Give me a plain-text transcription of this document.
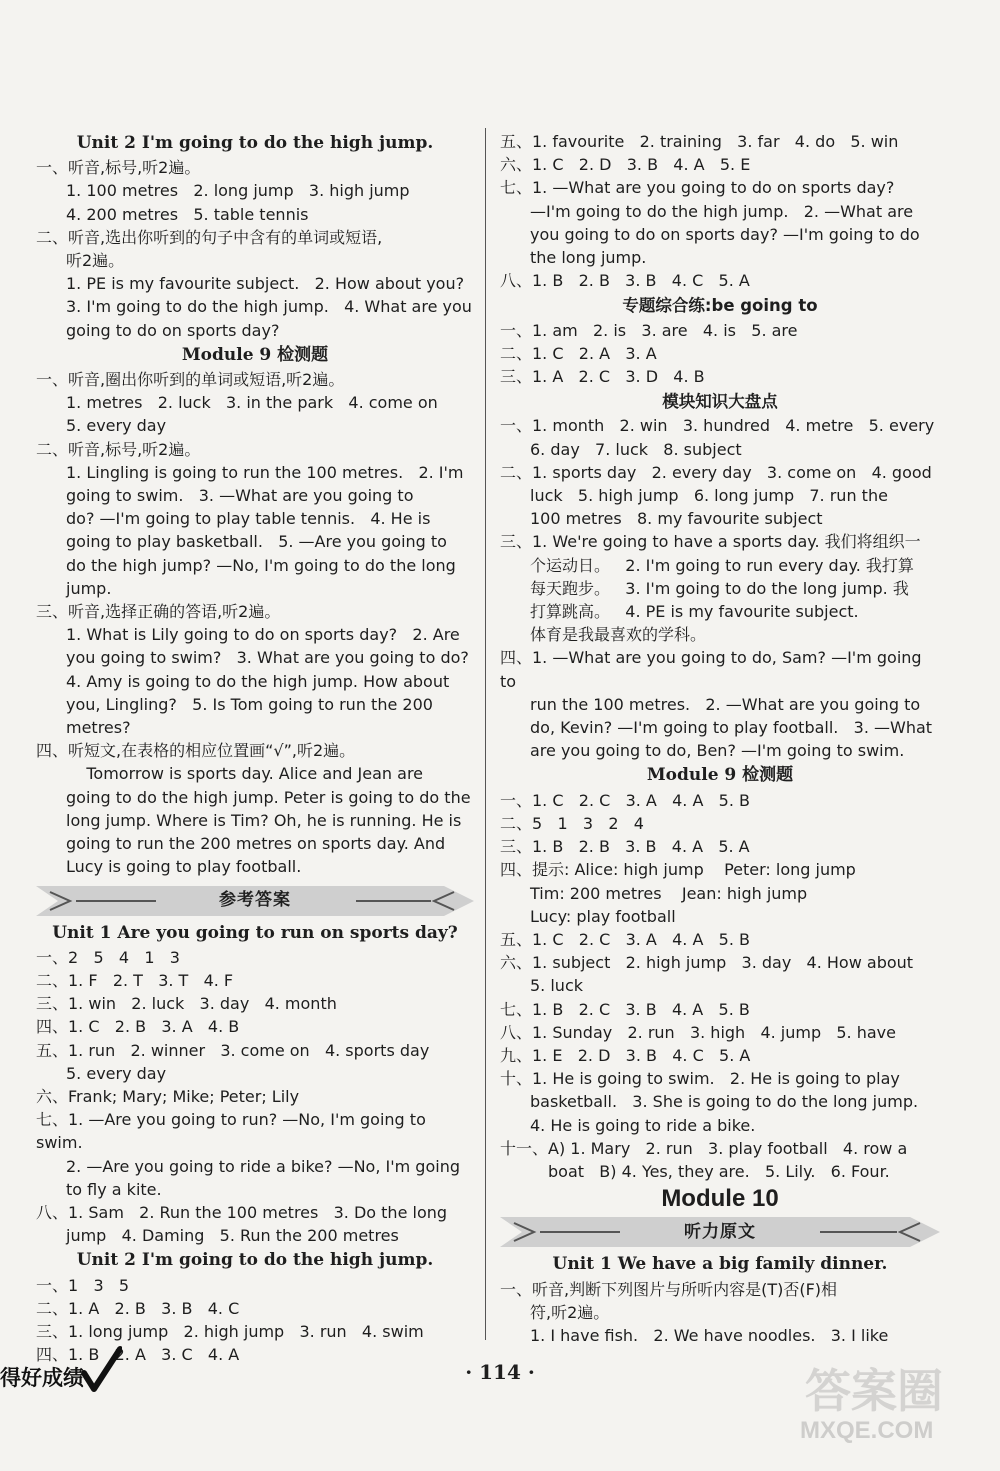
Unit 2 I'm going to do the high jump.
一、听音,标号,听2遍。
1. 100 metres   2. long jump   3. high jump
4. 200 metres   5. table tennis
二、听音,选出你听到的句子中含有的单词或短语,
听2遍。
1. PE is my favourite subject.   2. How about you?
3. I'm going to do the high jump.   4. What are you
going to do on sports day?
Module 9 检测题
一、听音,圈出你听到的单词或短语,听2遍。
1. metres   2. luck   3. in the park   4. come on
5. every day
二、听音,标号,听2遍。
1. Lingling is going to run the 100 metres.   2. I'm
going to swim.   3. —What are you going to
do? —I'm going to play table tennis.   4. He is
going to play basketball.   5. —Are you going to
do the high jump? —No, I'm going to do the long
jump.
三、听音,选择正确的答语,听2遍。
1. What is Lily going to do on sports day?   2. Are
you going to swim?   3. What are you going to do?
4. Amy is going to do the high jump. How about
you, Lingling?   5. Is Tom going to run the 200
metres?
四、听短文,在表格的相应位置画“√”,听2遍。
Tomorrow is sports day. Alice and Jean are
going to do the high jump. Peter is going to do the
long jump. Where is Tim? Oh, he is running. He is
going to run the 200 metres on sports day. And
Lucy is going to play football.
参考答案
Unit 1 Are you going to run on sports day?
一、2   5   4   1   3
二、1. F   2. T   3. T   4. F
三、1. win   2. luck   3. day   4. month
四、1. C   2. B   3. A   4. B
五、1. run   2. winner   3. come on   4. sports day
5. every day
六、Frank; Mary; Mike; Peter; Lily
七、1. —Are you going to run? —No, I'm going to swim.
2. —Are you going to ride a bike? —No, I'm going
to fly a kite.
八、1. Sam   2. Run the 100 metres   3. Do the long
jump   4. Daming   5. Run the 200 metres
Unit 2 I'm going to do the high jump.
一、1   3   5
二、1. A   2. B   3. B   4. C
三、1. long jump   2. high jump   3. run   4. swim
四、1. B   2. A   3. C   4. A
五、1. favourite   2. training   3. far   4. do   5. win
六、1. C   2. D   3. B   4. A   5. E
七、1. —What are you going to do on sports day?
—I'm going to do the high jump.   2. —What are
you going to do on sports day? —I'm going to do
the long jump.
八、1. B   2. B   3. B   4. C   5. A
专题综合练:be going to
一、1. am   2. is   3. are   4. is   5. are
二、1. C   2. A   3. A
三、1. A   2. C   3. D   4. B
模块知识大盘点
一、1. month   2. win   3. hundred   4. metre   5. every
6. day   7. luck   8. subject
二、1. sports day   2. every day   3. come on   4. good
luck   5. high jump   6. long jump   7. run the
100 metres   8. my favourite subject
三、1. We're going to have a sports day. 我们将组织一
个运动日。   2. I'm going to run every day. 我打算
每天跑步。   3. I'm going to do the long jump. 我
打算跳高。   4. PE is my favourite subject.
体育是我最喜欢的学科。
四、1. —What are you going to do, Sam? —I'm going to
run the 100 metres.   2. —What are you going to
do, Kevin? —I'm going to play football.   3. —What
are you going to do, Ben? —I'm going to swim.
Module 9 检测题
一、1. C   2. C   3. A   4. A   5. B
二、5   1   3   2   4
三、1. B   2. B   3. B   4. A   5. A
四、提示: Alice: high jump    Peter: long jump
Tim: 200 metres    Jean: high jump
Lucy: play football
五、1. C   2. C   3. A   4. A   5. B
六、1. subject   2. high jump   3. day   4. How about
5. luck
七、1. B   2. C   3. B   4. A   5. B
八、1. Sunday   2. run   3. high   4. jump   5. have
九、1. E   2. D   3. B   4. C   5. A
十、1. He is going to swim.   2. He is going to play
basketball.   3. She is going to do the long jump.
4. He is going to ride a bike.
十一、A) 1. Mary   2. run   3. play football   4. row a
boat   B) 4. Yes, they are.   5. Lily.   6. Four.
Module 10
听力原文
Unit 1 We have a big family dinner.
一、听音,判断下列图片与所听内容是(T)否(F)相
符,听2遍。
1. I have fish.   2. We have noodles.   3. I like
得好成绩	· 114 ·	答案圈
MXQE.COM
